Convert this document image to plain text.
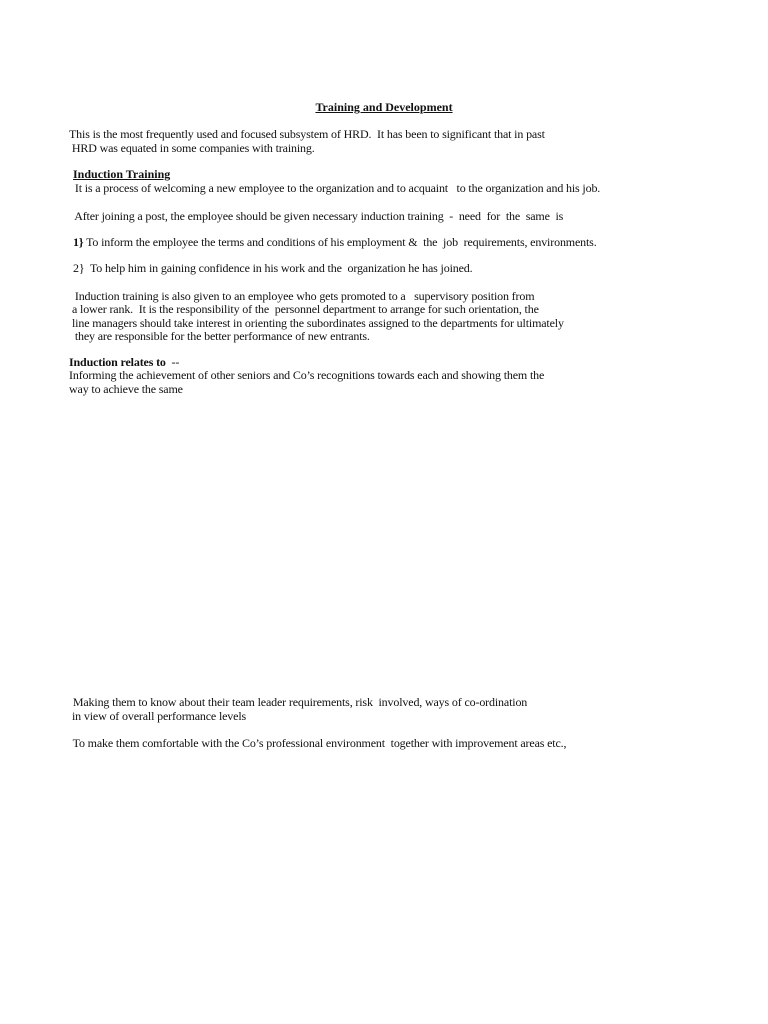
Training and Development
This is the most frequently used and focused subsystem of HRD.  It has been to significant that in past
HRD was equated in some companies with training.
Induction Training
It is a process of welcoming a new employee to the organization and to acquaint   to the organization and his job.
After joining a post, the employee should be given necessary induction training  -  need  for  the  same  is
1} To inform the employee the terms and conditions of his employment &  the  job  requirements, environments.
2}  To help him in gaining confidence in his work and the  organization he has joined.
Induction training is also given to an employee who gets promoted to a   supervisory position from
a lower rank.  It is the responsibility of the  personnel department to arrange for such orientation, the
line managers should take interest in orienting the subordinates assigned to the departments for ultimately
they are responsible for the better performance of new entrants.
Induction relates to  --
Informing the achievement of other seniors and Co’s recognitions towards each and showing them the
way to achieve the same
Making them to know about their team leader requirements, risk  involved, ways of co-ordination
in view of overall performance levels
To make them comfortable with the Co’s professional environment  together with improvement areas etc.,
